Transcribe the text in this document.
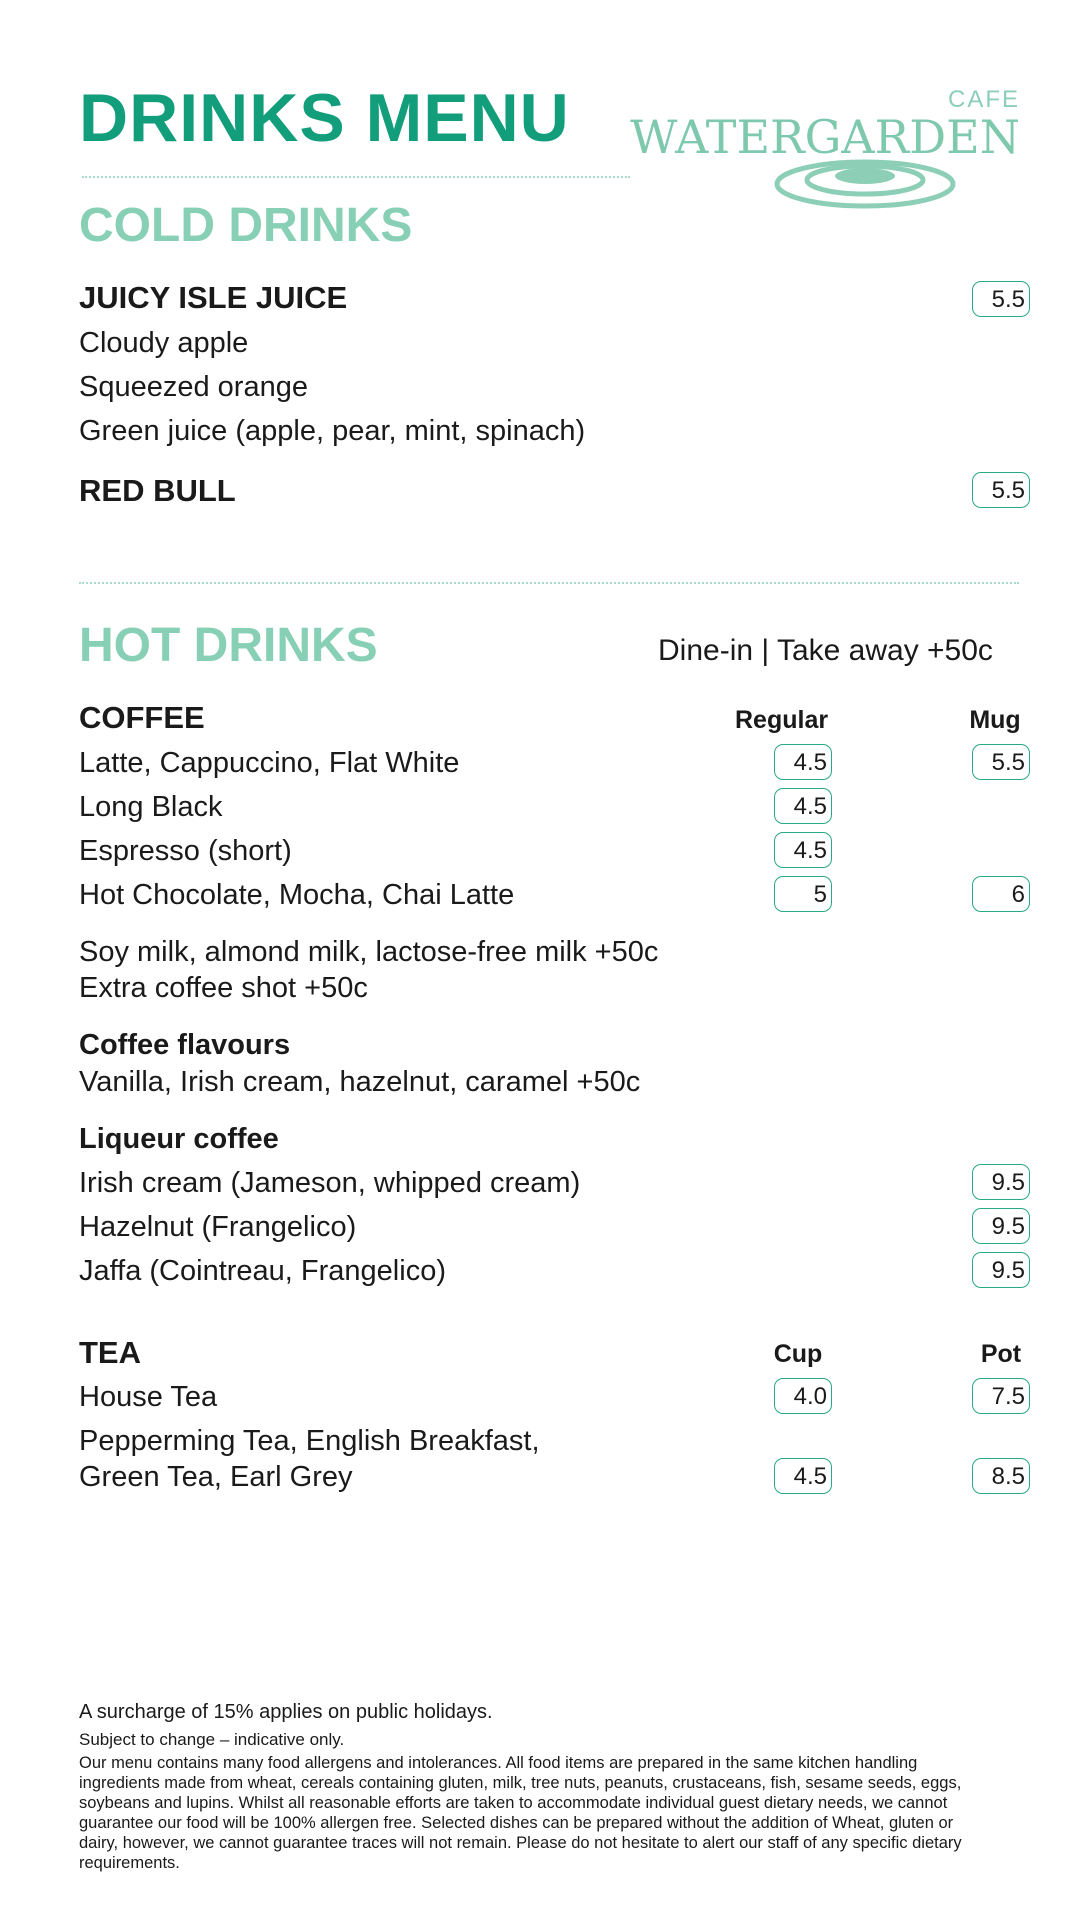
DRINKS MENU	CAFE
WATERGARDEN
COLD DRINKS
JUICY ISLE JUICE	5.5
Cloudy apple
Squeezed orange
Green juice (apple, pear, mint, spinach)
RED BULL	5.5
HOT DRINKS	Dine-in | Take away +50c
COFFEE	Regular	Mug
Latte, Cappuccino, Flat White	4.5	5.5
Long Black	4.5
Espresso (short)	4.5
Hot Chocolate, Mocha, Chai Latte	5	6
Soy milk, almond milk, lactose-free milk +50c
Extra coffee shot +50c
Coffee flavours
Vanilla, Irish cream, hazelnut, caramel +50c
Liqueur coffee
Irish cream (Jameson, whipped cream)	9.5
Hazelnut (Frangelico)	9.5
Jaffa (Cointreau, Frangelico)	9.5
TEA	Cup	Pot
House Tea	4.0	7.5
Pepperming Tea, English Breakfast,
Green Tea, Earl Grey	4.5	8.5
A surcharge of 15% applies on public holidays.
Subject to change – indicative only.
Our menu contains many food allergens and intolerances. All food items are prepared in the same kitchen handling ingredients made from wheat, cereals containing gluten, milk, tree nuts, peanuts, crustaceans, fish, sesame seeds, eggs, soybeans and lupins. Whilst all reasonable efforts are taken to accommodate individual guest dietary needs, we cannot guarantee our food will be 100% allergen free. Selected dishes can be prepared without the addition of Wheat, gluten or dairy, however, we cannot guarantee traces will not remain. Please do not hesitate to alert our staff of any specific dietary requirements.
